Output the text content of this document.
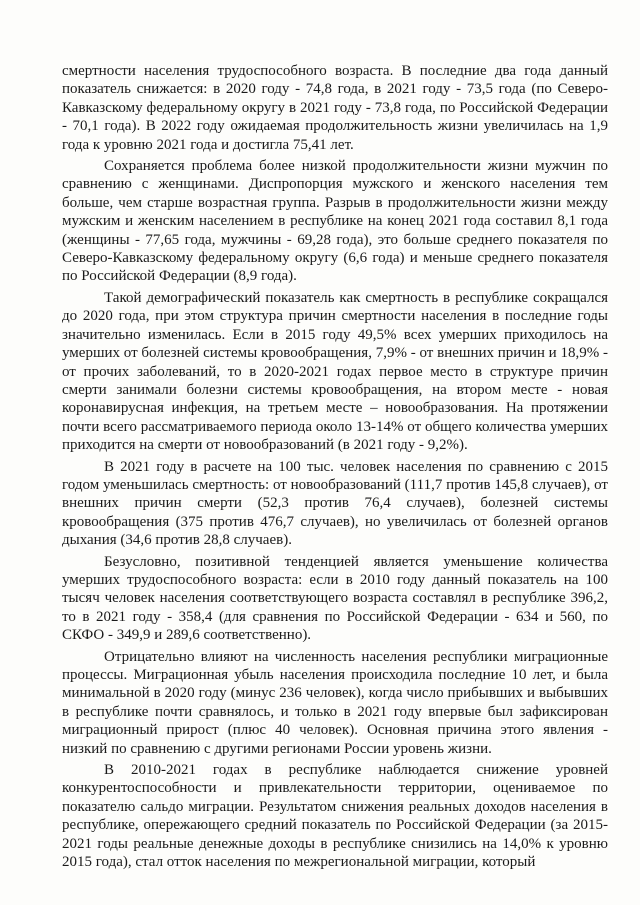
смертности населения трудоспособного возраста. В последние два года данный показатель снижается: в 2020 году - 74,8 года, в 2021 году - 73,5 года (по Северо-Кавказскому федеральному округу в 2021 году - 73,8 года, по Российской Федерации - 70,1 года). В 2022 году ожидаемая продолжительность жизни увеличилась на 1,9 года к уровню 2021 года и достигла 75,41 лет.

Сохраняется проблема более низкой продолжительности жизни мужчин по сравнению с женщинами. Диспропорция мужского и женского населения тем больше, чем старше возрастная группа. Разрыв в продолжительности жизни между мужским и женским населением в республике на конец 2021 года составил 8,1 года (женщины - 77,65 года, мужчины - 69,28 года), это больше среднего показателя по Северо-Кавказскому федеральному округу (6,6 года) и меньше среднего показателя по Российской Федерации (8,9 года).

Такой демографический показатель как смертность в республике сокращался до 2020 года, при этом структура причин смертности населения в последние годы значительно изменилась. Если в 2015 году 49,5% всех умерших приходилось на умерших от болезней системы кровообращения, 7,9% - от внешних причин и 18,9% - от прочих заболеваний, то в 2020-2021 годах первое место в структуре причин смерти занимали болезни системы кровообращения, на втором месте - новая коронавирусная инфекция, на третьем месте – новообразования. На протяжении почти всего рассматриваемого периода около 13-14% от общего количества умерших приходится на смерти от новообразований (в 2021 году - 9,2%).

В 2021 году в расчете на 100 тыс. человек населения по сравнению с 2015 годом уменьшилась смертность: от новообразований (111,7 против 145,8 случаев), от внешних причин смерти (52,3 против 76,4 случаев), болезней системы кровообращения (375 против 476,7 случаев), но увеличилась от болезней органов дыхания (34,6 против 28,8 случаев).

Безусловно, позитивной тенденцией является уменьшение количества умерших трудоспособного возраста: если в 2010 году данный показатель на 100 тысяч человек населения соответствующего возраста составлял в республике 396,2, то в 2021 году - 358,4 (для сравнения по Российской Федерации - 634 и 560, по СКФО - 349,9 и 289,6 соответственно).

Отрицательно влияют на численность населения республики миграционные процессы. Миграционная убыль населения происходила последние 10 лет, и была минимальной в 2020 году (минус 236 человек), когда число прибывших и выбывших в республике почти сравнялось, и только в 2021 году впервые был зафиксирован миграционный прирост (плюс 40 человек). Основная причина этого явления - низкий по сравнению с другими регионами России уровень жизни.

В 2010-2021 годах в республике наблюдается снижение уровней конкурентоспособности и привлекательности территории, оцениваемое по показателю сальдо миграции. Результатом снижения реальных доходов населения в республике, опережающего средний показатель по Российской Федерации (за 2015-2021 годы реальные денежные доходы в республике снизились на 14,0% к уровню 2015 года), стал отток населения по межрегиональной миграции, который
